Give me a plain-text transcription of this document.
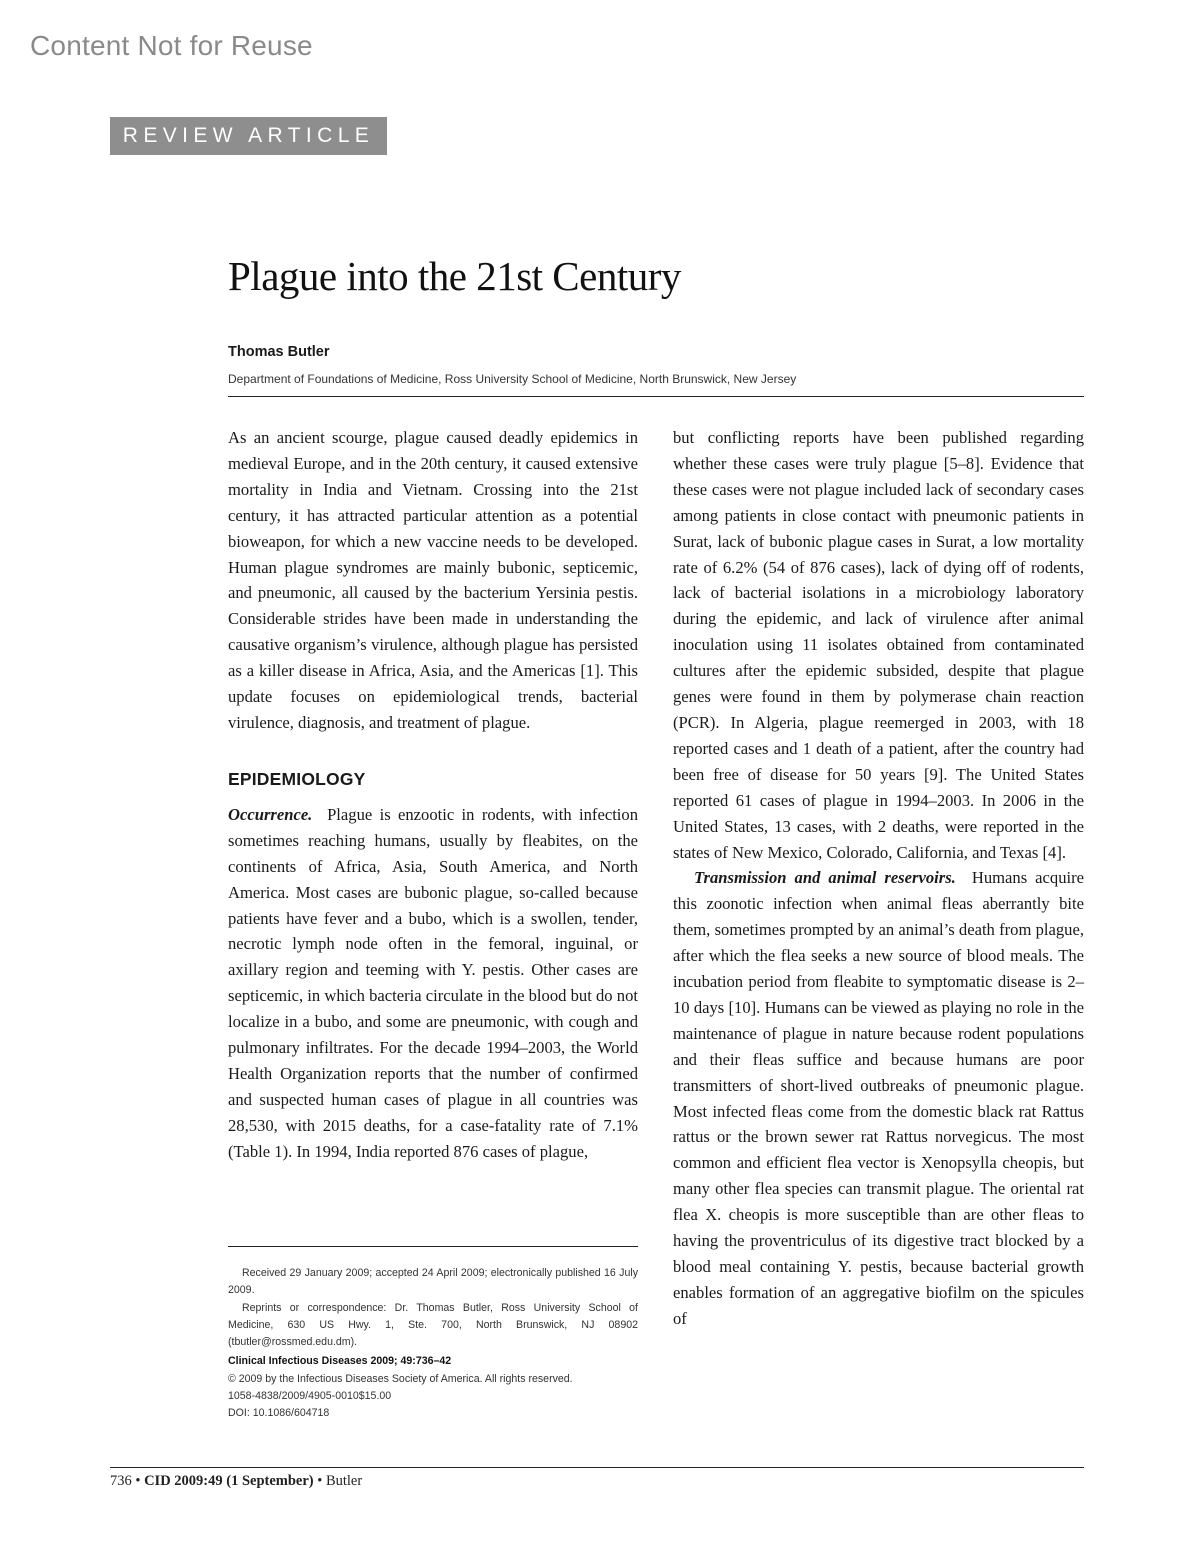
Content Not for Reuse
REVIEW ARTICLE
Plague into the 21st Century
Thomas Butler
Department of Foundations of Medicine, Ross University School of Medicine, North Brunswick, New Jersey

As an ancient scourge, plague caused deadly epidemics in medieval Europe, and in the 20th century, it caused extensive mortality in India and Vietnam. Crossing into the 21st century, it has attracted particular attention as a potential bioweapon, for which a new vaccine needs to be developed. Human plague syndromes are mainly bubonic, septicemic, and pneumonic, all caused by the bacterium Yersinia pestis. Considerable strides have been made in understanding the causative organism’s virulence, although plague has persisted as a killer disease in Africa, Asia, and the Americas [1]. This update focuses on epidemiological trends, bacterial virulence, diagnosis, and treatment of plague.

EPIDEMIOLOGY

Occurrence. Plague is enzootic in rodents, with infection sometimes reaching humans, usually by fleabites, on the continents of Africa, Asia, South America, and North America. Most cases are bubonic plague, so-called because patients have fever and a bubo, which is a swollen, tender, necrotic lymph node often in the femoral, inguinal, or axillary region and teeming with Y. pestis. Other cases are septicemic, in which bacteria circulate in the blood but do not localize in a bubo, and some are pneumonic, with cough and pulmonary infiltrates. For the decade 1994–2003, the World Health Organization reports that the number of confirmed and suspected human cases of plague in all countries was 28,530, with 2015 deaths, for a case-fatality rate of 7.1% (Table 1). In 1994, India reported 876 cases of plague,

but conflicting reports have been published regarding whether these cases were truly plague [5–8]. Evidence that these cases were not plague included lack of secondary cases among patients in close contact with pneumonic patients in Surat, lack of bubonic plague cases in Surat, a low mortality rate of 6.2% (54 of 876 cases), lack of dying off of rodents, lack of bacterial isolations in a microbiology laboratory during the epidemic, and lack of virulence after animal inoculation using 11 isolates obtained from contaminated cultures after the epidemic subsided, despite that plague genes were found in them by polymerase chain reaction (PCR). In Algeria, plague reemerged in 2003, with 18 reported cases and 1 death of a patient, after the country had been free of disease for 50 years [9]. The United States reported 61 cases of plague in 1994–2003. In 2006 in the United States, 13 cases, with 2 deaths, were reported in the states of New Mexico, Colorado, California, and Texas [4].

Transmission and animal reservoirs. Humans acquire this zoonotic infection when animal fleas aberrantly bite them, sometimes prompted by an animal’s death from plague, after which the flea seeks a new source of blood meals. The incubation period from fleabite to symptomatic disease is 2–10 days [10]. Humans can be viewed as playing no role in the maintenance of plague in nature because rodent populations and their fleas suffice and because humans are poor transmitters of short-lived outbreaks of pneumonic plague. Most infected fleas come from the domestic black rat Rattus rattus or the brown sewer rat Rattus norvegicus. The most common and efficient flea vector is Xenopsylla cheopis, but many other flea species can transmit plague. The oriental rat flea X. cheopis is more susceptible than are other fleas to having the proventriculus of its digestive tract blocked by a blood meal containing Y. pestis, because bacterial growth enables formation of an aggregative biofilm on the spicules of

Received 29 January 2009; accepted 24 April 2009; electronically published 16 July 2009.

Reprints or correspondence: Dr. Thomas Butler, Ross University School of Medicine, 630 US Hwy. 1, Ste. 700, North Brunswick, NJ 08902 (tbutler@rossmed.edu.dm).

Clinical Infectious Diseases 2009; 49:736–42

© 2009 by the Infectious Diseases Society of America. All rights reserved.

1058-4838/2009/4905-0010$15.00

DOI: 10.1086/604718

736 • CID 2009:49 (1 September) • Butler
